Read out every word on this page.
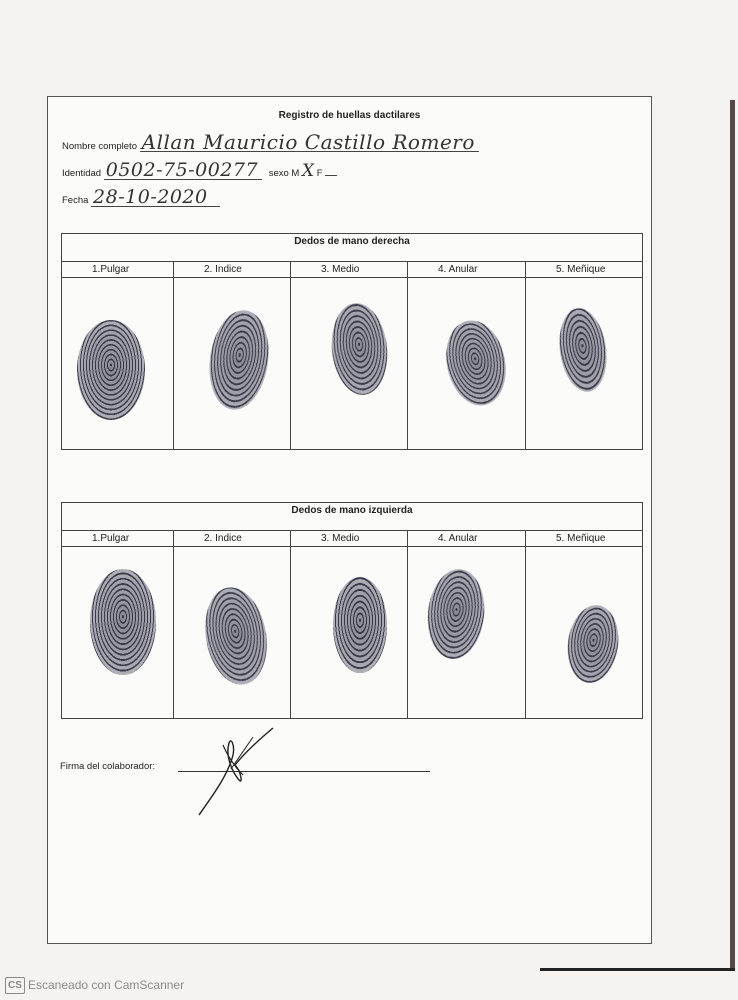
Registro de huellas dactilares
Nombre completo Allan Mauricio Castillo Romero
Identidad 0502-75-00277 sexo M X F
Fecha 28-10-2020
Dedos de mano derecha
1.Pulgar	2. Indice	3. Medio	4. Anular	5. Meñique
Dedos de mano izquierda
1.Pulgar	2. Indice	3. Medio	4. Anular	5. Meñique
Firma del colaborador:
CS Escaneado con CamScanner
